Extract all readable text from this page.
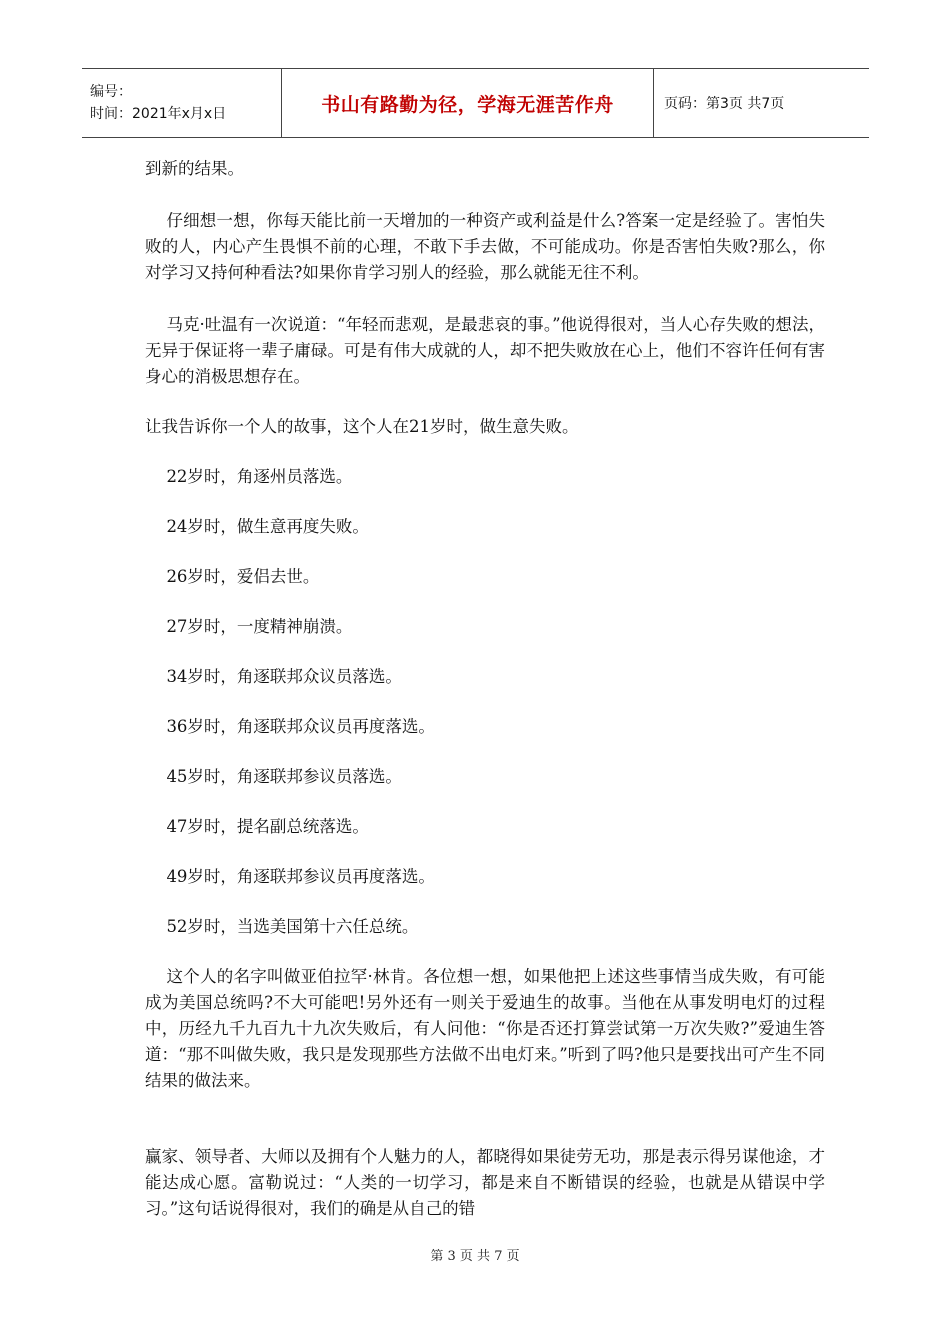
编号：
时间：2021年x月x日	书山有路勤为径，学海无涯苦作舟	页码：第3页 共7页

到新的结果。

仔细想一想，你每天能比前一天增加的一种资产或利益是什么?答案一定是经验了。害怕失败的人，内心产生畏惧不前的心理，不敢下手去做，不可能成功。你是否害怕失败?那么，你对学习又持何种看法?如果你肯学习别人的经验，那么就能无往不利。

马克·吐温有一次说道：“年轻而悲观，是最悲哀的事。”他说得很对，当人心存失败的想法，无异于保证将一辈子庸碌。可是有伟大成就的人，却不把失败放在心上，他们不容许任何有害身心的消极思想存在。

让我告诉你一个人的故事，这个人在21岁时，做生意失败。

22岁时，角逐州员落选。

24岁时，做生意再度失败。

26岁时，爱侣去世。

27岁时，一度精神崩溃。

34岁时，角逐联邦众议员落选。

36岁时，角逐联邦众议员再度落选。

45岁时，角逐联邦参议员落选。

47岁时，提名副总统落选。

49岁时，角逐联邦参议员再度落选。

52岁时，当选美国第十六任总统。

这个人的名字叫做亚伯拉罕·林肯。各位想一想，如果他把上述这些事情当成失败，有可能成为美国总统吗?不大可能吧!另外还有一则关于爱迪生的故事。当他在从事发明电灯的过程中，历经九千九百九十九次失败后，有人问他：“你是否还打算尝试第一万次失败?”爱迪生答道：“那不叫做失败，我只是发现那些方法做不出电灯来。”听到了吗?他只是要找出可产生不同结果的做法来。

赢家、领导者、大师以及拥有个人魅力的人，都晓得如果徒劳无功，那是表示得另谋他途，才能达成心愿。富勒说过：“人类的一切学习，都是来自不断错误的经验，也就是从错误中学习。”这句话说得很对，我们的确是从自己的错

第 3 页 共 7 页
